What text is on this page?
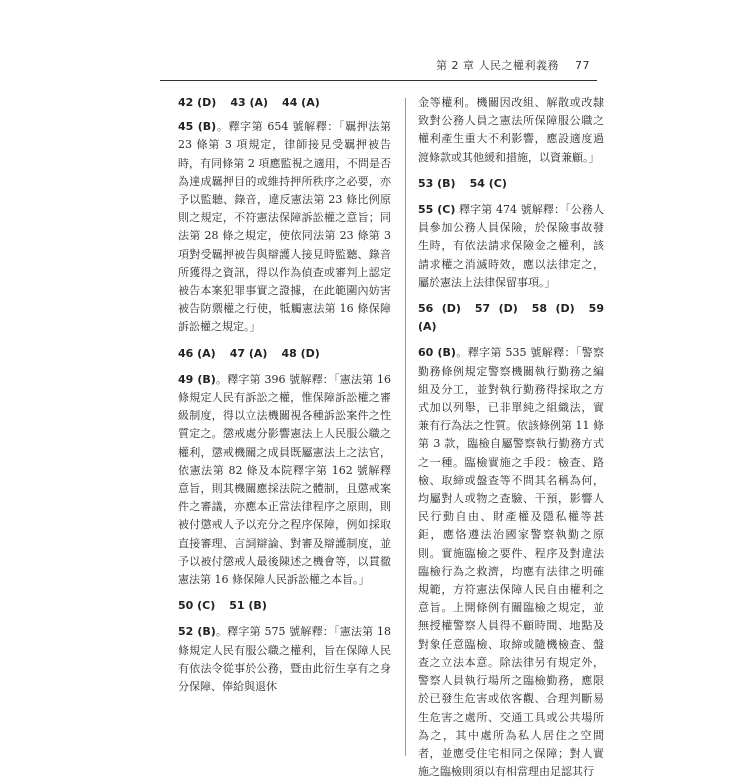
第 2 章 人民之權利義務 77

42 (D) 43 (A) 44 (A)

45 (B)。釋字第 654 號解釋：「羈押法第 23 條第 3 項規定，律師接見受羈押被告時，有同條第 2 項應監視之適用，不問是否為達成羈押目的或維持押所秩序之必要，亦予以監聽、錄音，違反憲法第 23 條比例原則之規定，不符憲法保障訴訟權之意旨；同法第 28 條之規定，使依同法第 23 條第 3 項對受羈押被告與辯護人接見時監聽、錄音所獲得之資訊，得以作為偵查或審判上認定被告本案犯罪事實之證據，在此範圍內妨害被告防禦權之行使，牴觸憲法第 16 條保障訴訟權之規定。」

46 (A) 47 (A) 48 (D)

49 (B)。釋字第 396 號解釋：「憲法第 16 條規定人民有訴訟之權，惟保障訴訟權之審級制度，得以立法機關視各種訴訟案件之性質定之。懲戒處分影響憲法上人民服公職之權利，懲戒機關之成員既屬憲法上之法官，依憲法第 82 條及本院釋字第 162 號解釋意旨，則其機關應採法院之體制，且懲戒案件之審議，亦應本正當法律程序之原則，則被付懲戒人予以充分之程序保障，例如採取直接審理、言詞辯論、對審及辯護制度，並予以被付懲戒人最後陳述之機會等，以貫徹憲法第 16 條保障人民訴訟權之本旨。」

50 (C) 51 (B)

52 (B)。釋字第 575 號解釋：「憲法第 18 條規定人民有服公職之權利，旨在保障人民有依法令從事於公務，暨由此衍生享有之身分保障、俸給與退休

金等權利。機關因改組、解散或改隸致對公務人員之憲法所保障服公職之權利產生重大不利影響，應設適度過渡條款或其他緩和措施，以資兼顧。」

53 (B) 54 (C)

55 (C) 釋字第 474 號解釋：「公務人員參加公務人員保險，於保險事故發生時，有依法請求保險金之權利，該請求權之消滅時效，應以法律定之，屬於憲法上法律保留事項。」

56 (D) 57 (D) 58 (D) 59 (A)

60 (B)。釋字第 535 號解釋：「警察勤務條例規定警察機關執行勤務之編組及分工，並對執行勤務得採取之方式加以列舉，已非單純之組織法，實兼有行為法之性質。依該條例第 11 條第 3 款，臨檢自屬警察執行勤務方式之一種。臨檢實施之手段：檢查、路檢、取締或盤查等不問其名稱為何，均屬對人或物之查驗、干預，影響人民行動自由、財產權及隱私權等甚鉅，應恪遵法治國家警察執勤之原則。實施臨檢之要件、程序及對違法臨檢行為之救濟，均應有法律之明確規範，方符憲法保障人民自由權利之意旨。上開條例有關臨檢之規定，並無授權警察人員得不顧時間、地點及對象任意臨檢、取締或隨機檢查、盤查之立法本意。除法律另有規定外，警察人員執行場所之臨檢勤務，應限於已發生危害或依客觀、合理判斷易生危害之處所、交通工具或公共場所為之，其中處所為私人居住之空間者，並應受住宅相同之保障；對人實施之臨檢則須以有相當理由足認其行
